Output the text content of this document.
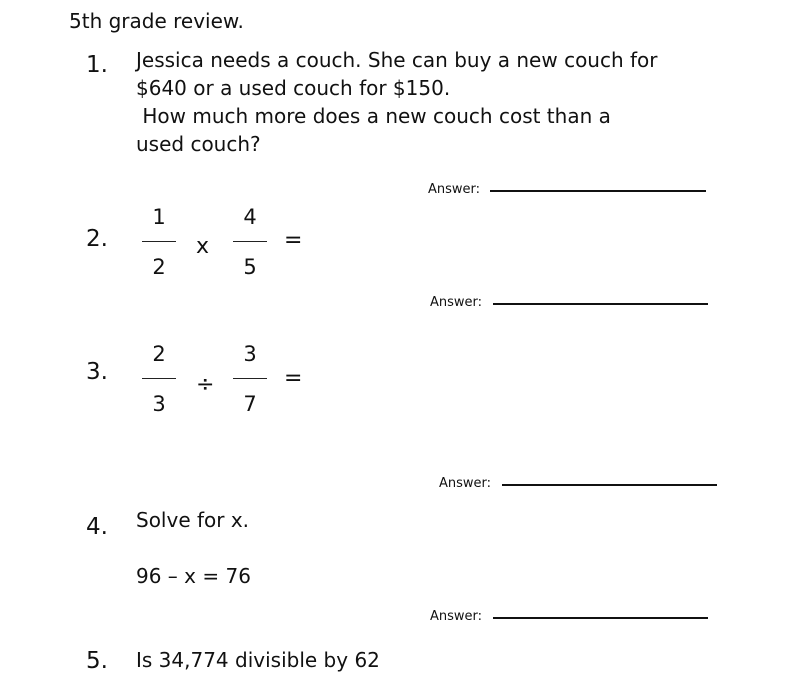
5th grade review.
1. Jessica needs a couch. She can buy a new couch for
$640 or a used couch for $150.
How much more does a new couch cost than a
used couch?
Answer:
2.
1
2
x
4
5
=
Answer:
3.
2
3
÷
3
7
=
Answer:
4. Solve for x.
96 – x = 76
Answer:
5. Is 34,774 divisible by 62
